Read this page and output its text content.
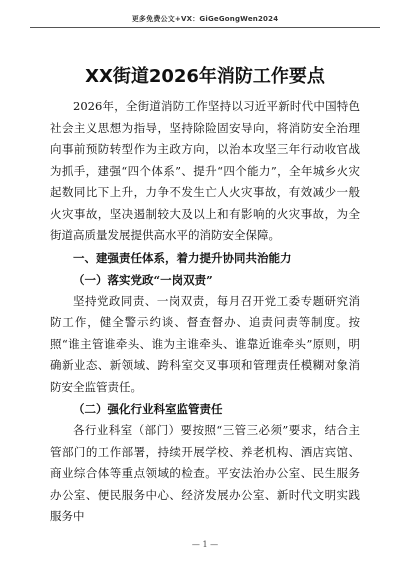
更多免费公文+VX：GiGeGongWen2024
XX街道2026年消防工作要点

2026年，全街道消防工作坚持以习近平新时代中国特色社会主义思想为指导，坚持除险固安导向，将消防安全治理向事前预防转型作为主政方向，以治本攻坚三年行动收官战为抓手，建强“四个体系”、提升“四个能力”，全年城乡火灾起数同比下上升，力争不发生亡人火灾事故，有效减少一般火灾事故，坚决遏制较大及以上和有影响的火灾事故，为全街道高质量发展提供高水平的消防安全保障。

一、建强责任体系，着力提升协同共治能力

（一）落实党政“一岗双责”

坚持党政同责、一岗双责，每月召开党工委专题研究消防工作，健全警示约谈、督查督办、追责问责等制度。按照“谁主管谁牵头、谁为主谁牵头、谁靠近谁牵头”原则，明确新业态、新领域、跨科室交叉事项和管理责任模糊对象消防安全监管责任。

（二）强化行业科室监管责任

各行业科室（部门）要按照“三管三必须”要求，结合主管部门的工作部署，持续开展学校、养老机构、酒店宾馆、商业综合体等重点领域的检查。平安法治办公室、民生服务办公室、便民服务中心、经济发展办公室、新时代文明实践服务中

— 1 —
